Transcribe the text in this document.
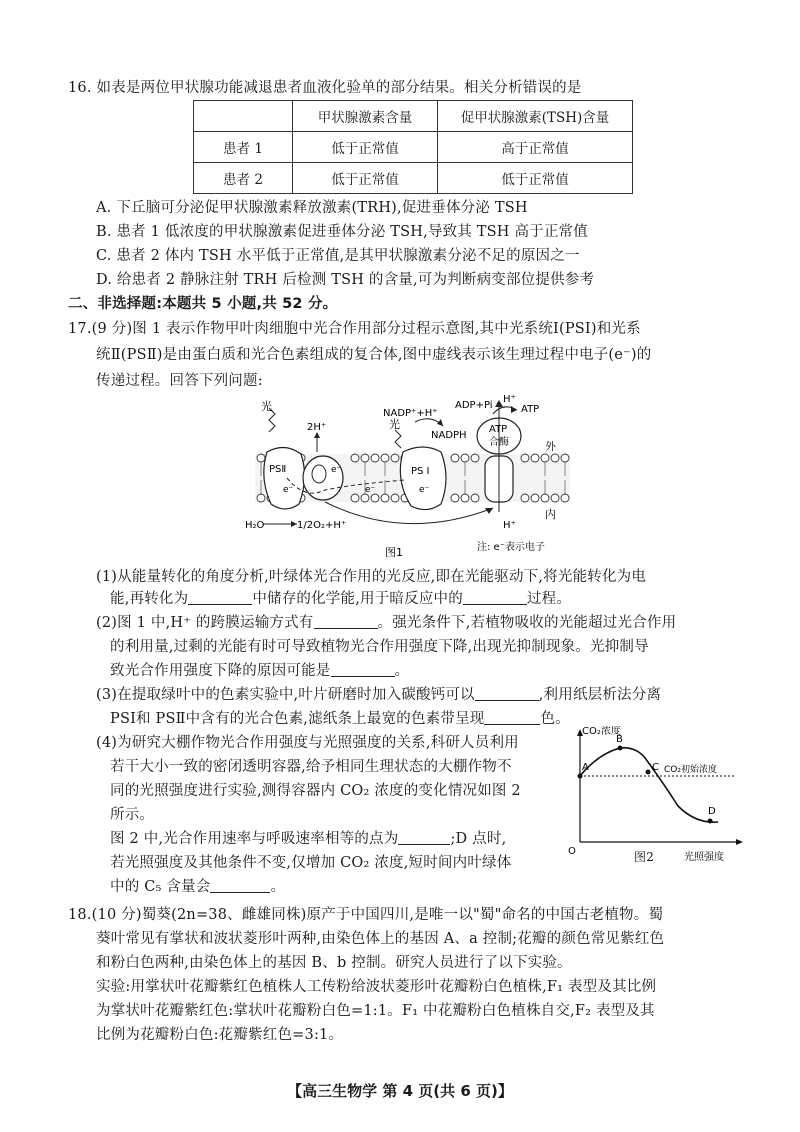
16. 如表是两位甲状腺功能减退患者血液化验单的部分结果。相关分析错误的是
	甲状腺激素含量	促甲状腺激素(TSH)含量
患者 1	低于正常值	高于正常值
患者 2	低于正常值	低于正常值
A. 下丘脑可分泌促甲状腺激素释放激素(TRH),促进垂体分泌 TSH
B. 患者 1 低浓度的甲状腺激素促进垂体分泌 TSH,导致其 TSH 高于正常值
C. 患者 2 体内 TSH 水平低于正常值,是其甲状腺激素分泌不足的原因之一
D. 给患者 2 静脉注射 TRH 后检测 TSH 的含量,可为判断病变部位提供参考
二、非选择题:本题共 5 小题,共 52 分。
17.(9 分)图 1 表示作物甲叶肉细胞中光合作用部分过程示意图,其中光系统Ⅰ(PSⅠ)和光系
统Ⅱ(PSⅡ)是由蛋白质和光合色素组成的复合体,图中虚线表示该生理过程中电子(e⁻)的
传递过程。回答下列问题:
光
光
2H⁺
NADP⁺+H⁺
NADPH
ADP+Pi	ATP
H⁺
ATP
合酶	外
内
PSⅡ	PS Ⅰ
e⁻
e⁻
e⁻	e⁻
H₂O	1/2O₂+H⁺	H⁺
图1	注: e⁻表示电子
(1)从能量转化的角度分析,叶绿体光合作用的光反应,即在光能驱动下,将光能转化为电
能,再转化为	中储存的化学能,用于暗反应中的	过程。
(2)图 1 中,H⁺ 的跨膜运输方式有	。强光条件下,若植物吸收的光能超过光合作用
的利用量,过剩的光能有时可导致植物光合作用强度下降,出现光抑制现象。光抑制导
致光合作用强度下降的原因可能是	。
(3)在提取绿叶中的色素实验中,叶片研磨时加入碳酸钙可以	,利用纸层析法分离
PSⅠ和 PSⅡ中含有的光合色素,滤纸条上最宽的色素带呈现	色。
(4)为研究大棚作物光合作用强度与光照强度的关系,科研人员利用
若干大小一致的密闭透明容器,给予相同生理状态的大棚作物不
同的光照强度进行实验,测得容器内 CO₂ 浓度的变化情况如图 2
所示。
图 2 中,光合作用速率与呼吸速率相等的点为	;D 点时,
若光照强度及其他条件不变,仅增加 CO₂ 浓度,短时间内叶绿体
中的 C₅ 含量会	。
CO₂浓度
光照强度
CO₂初始浓度
O
A
B
C
D
图2
18.(10 分)蜀葵(2n=38、雌雄同株)原产于中国四川,是唯一以"蜀"命名的中国古老植物。蜀
葵叶常见有掌状和波状菱形叶两种,由染色体上的基因 A、a 控制;花瓣的颜色常见紫红色
和粉白色两种,由染色体上的基因 B、b 控制。研究人员进行了以下实验。
实验:用掌状叶花瓣紫红色植株人工传粉给波状菱形叶花瓣粉白色植株,F₁ 表型及其比例
为掌状叶花瓣紫红色:掌状叶花瓣粉白色=1:1。F₁ 中花瓣粉白色植株自交,F₂ 表型及其
比例为花瓣粉白色:花瓣紫红色=3:1。
【高三生物学 第 4 页(共 6 页)】
